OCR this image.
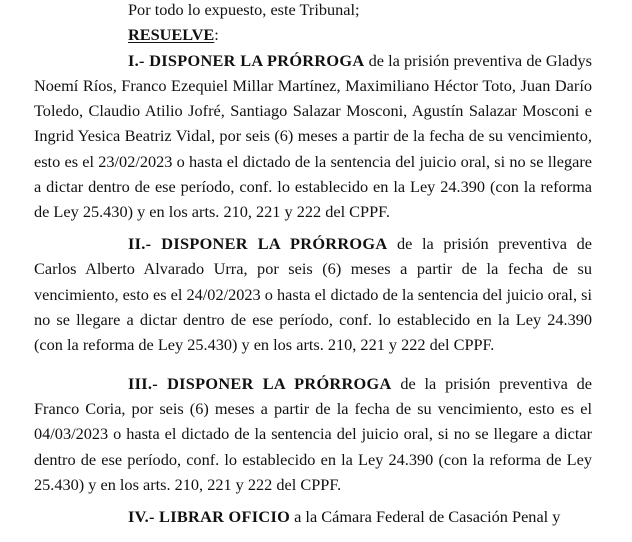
Por todo lo expuesto, este Tribunal;

RESUELVE:

I.- DISPONER LA PRÓRROGA de la prisión preventiva de Gladys Noemí Ríos, Franco Ezequiel Millar Martínez, Maximiliano Héctor Toto, Juan Darío Toledo, Claudio Atilio Jofré, Santiago Salazar Mosconi, Agustín Salazar Mosconi e Ingrid Yesica Beatriz Vidal, por seis (6) meses a partir de la fecha de su vencimiento, esto es el 23/02/2023 o hasta el dictado de la sentencia del juicio oral, si no se llegare a dictar dentro de ese período, conf. lo establecido en la Ley 24.390 (con la reforma de Ley 25.430) y en los arts. 210, 221 y 222 del CPPF.

II.- DISPONER LA PRÓRROGA de la prisión preventiva de Carlos Alberto Alvarado Urra, por seis (6) meses a partir de la fecha de su vencimiento, esto es el 24/02/2023 o hasta el dictado de la sentencia del juicio oral, si no se llegare a dictar dentro de ese período, conf. lo establecido en la Ley 24.390 (con la reforma de Ley 25.430) y en los arts. 210, 221 y 222 del CPPF.

III.- DISPONER LA PRÓRROGA de la prisión preventiva de Franco Coria, por seis (6) meses a partir de la fecha de su vencimiento, esto es el 04/03/2023 o hasta el dictado de la sentencia del juicio oral, si no se llegare a dictar dentro de ese período, conf. lo establecido en la Ley 24.390 (con la reforma de Ley 25.430) y en los arts. 210, 221 y 222 del CPPF.

IV.- LIBRAR OFICIO a la Cámara Federal de Casación Penal y
